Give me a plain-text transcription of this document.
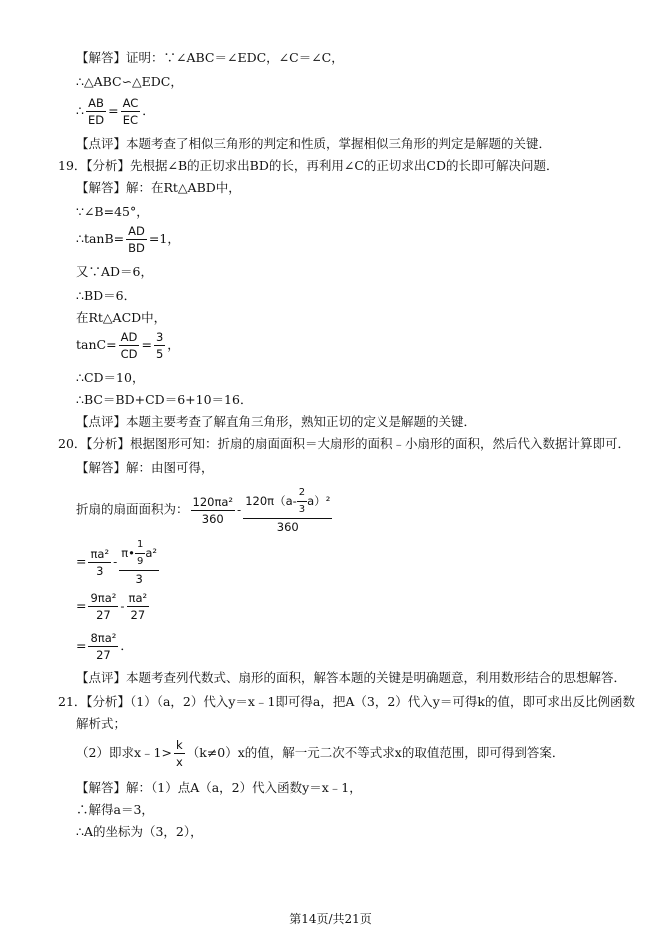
【解答】证明：∵∠ABC＝∠EDC，∠C＝∠C，
∴△ABC∽△EDC，
∴ $\frac{AB}{ED} = \frac{AC}{EC}$ ．
【点评】本题考查了相似三角形的判定和性质，掌握相似三角形的判定是解题的关键．
19．
【分析】先根据∠B的正切求出BD的长，再利用∠C的正切求出CD的长即可解决问题．
【解答】解：在Rt△ABD中，
∵∠B=45°，
∴tanB= $\frac{AD}{BD} =1$，
又∵AD＝6，
∴BD＝6．
在Rt△ACD中，
$\tan C= \frac{AD}{CD} = \frac{3}{5}$ ，
∴CD＝10，
∴BC＝BD+CD＝6+10＝16．
【点评】本题主要考查了解直角三角形，熟知正切的定义是解题的关键．
20．
【分析】根据图形可知：折扇的扇面面积＝大扇形的面积﹣小扇形的面积，然后代入数据计算即可．
【解答】解：由图可得，
折扇的扇面面积为： $\frac{\text{120πa²}}{360} - \frac{120\pi(a- \frac{2}{3} a)^2}{360}$
= $\frac{\text{πa²}}{3} - \frac{\pi• \frac{1}{9} a^2}{3}$
= $\frac{\text{9πa²}}{27} - \frac{\text{πa²}}{27}$
= $\frac{\text{8πa²}}{27}$ ．
【点评】本题考查列代数式、扇形的面积，解答本题的关键是明确题意，利用数形结合的思想解答．
21．
【分析】（1）（a，2）代入y＝x﹣1即可得a，把A（3，2）代入y＝可得k的值，即可求出反比例函数
解析式；
（2）即求x﹣1> $\frac{k}{x} (k\ne 0)x$的值，解一元二次不等式求x的取值范围，即可得到答案．
【解答】解：（1）点A（a，2）代入函数y＝x﹣1，
∴解得a＝3，
∴A的坐标为（3，2），
第14页/共21页
